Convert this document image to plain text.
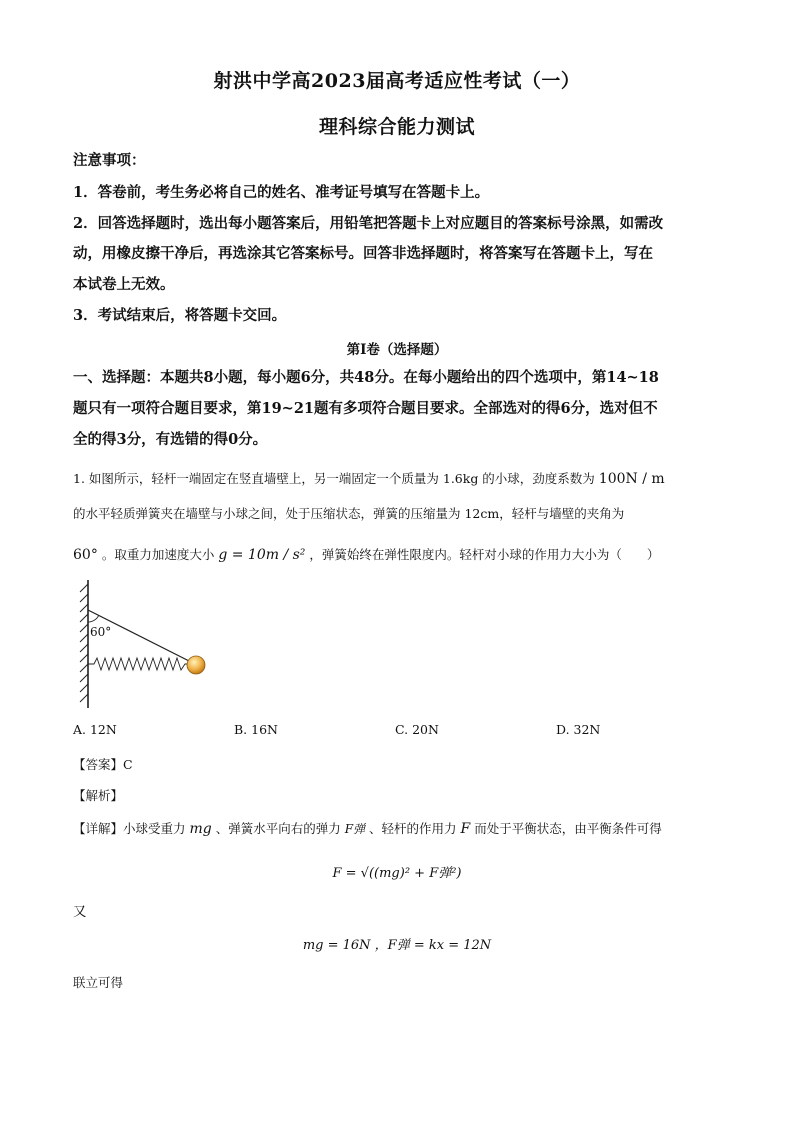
射洪中学高2023届高考适应性考试（一）
理科综合能力测试
注意事项：
1．答卷前，考生务必将自己的姓名、准考证号填写在答题卡上。
2．回答选择题时，选出每小题答案后，用铅笔把答题卡上对应题目的答案标号涂黑，如需改
动，用橡皮擦干净后，再选涂其它答案标号。回答非选择题时，将答案写在答题卡上，写在
本试卷上无效。
3．考试结束后，将答题卡交回。
第I卷（选择题）
一、选择题：本题共8小题，每小题6分，共48分。在每小题给出的四个选项中，第14~18
题只有一项符合题目要求，第19~21题有多项符合题目要求。全部选对的得6分，选对但不
全的得3分，有选错的得0分。
1. 如图所示，轻杆一端固定在竖直墙壁上，另一端固定一个质量为 1.6kg 的小球，劲度系数为 100N / m
的水平轻质弹簧夹在墙壁与小球之间，处于压缩状态，弹簧的压缩量为 12cm，轻杆与墙壁的夹角为
60° 。取重力加速度大小 g = 10m / s² ，弹簧始终在弹性限度内。轻杆对小球的作用力大小为（　　）
60°
A. 12N	B. 16N	C. 20N	D. 32N
【答案】C
【解析】
【详解】小球受重力 mg 、弹簧水平向右的弹力 F弹 、轻杆的作用力 F 而处于平衡状态，由平衡条件可得
F = √((mg)² + F弹²)
又
mg = 16N ，F弹 = kx = 12N
联立可得
